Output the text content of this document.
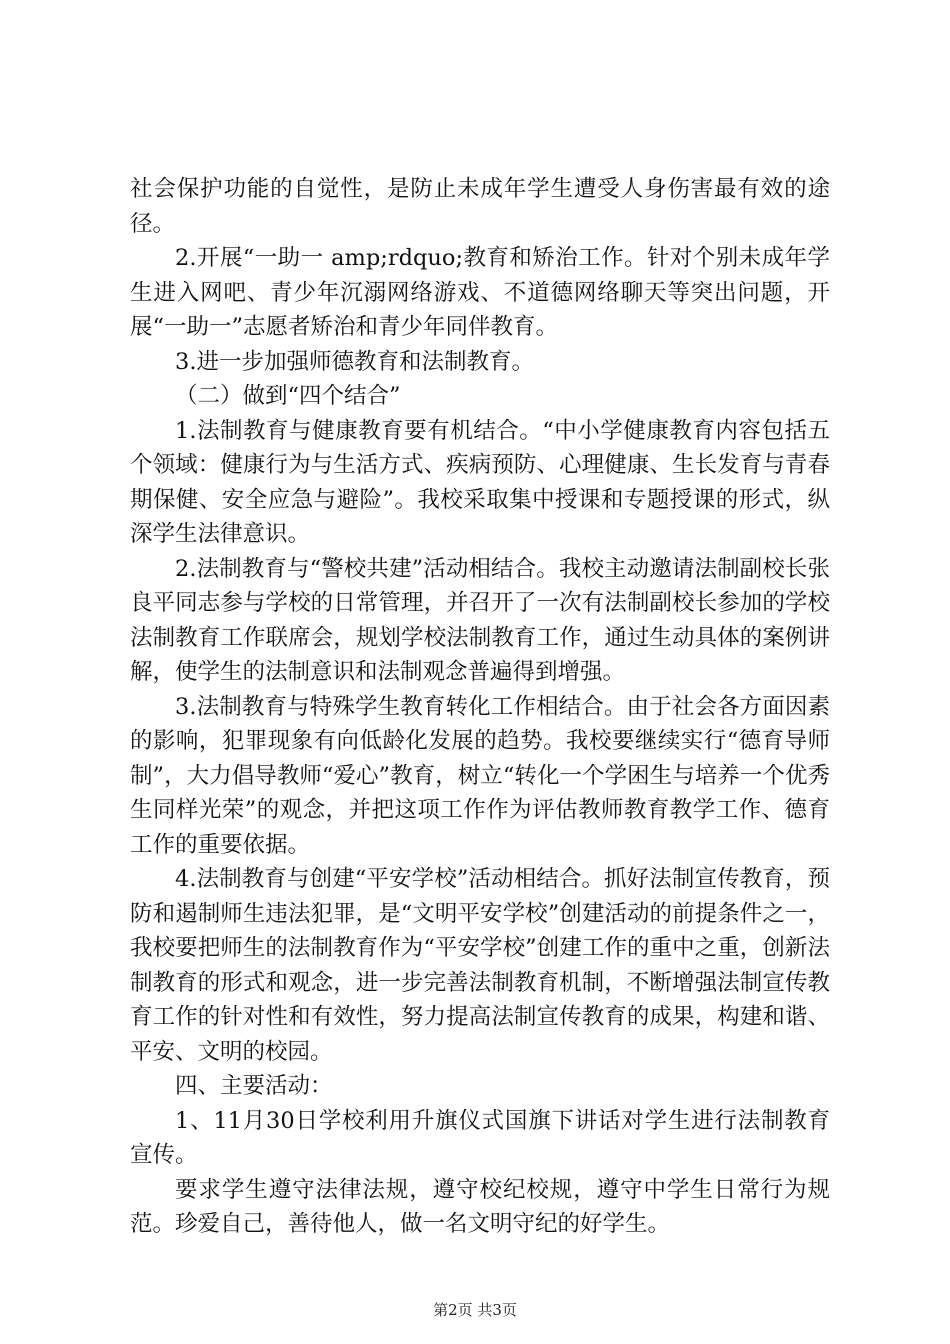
社会保护功能的自觉性，是防止未成年学生遭受人身伤害最有效的途径。

2.开展“一助一 amp;rdquo;教育和矫治工作。针对个别未成年学生进入网吧、青少年沉溺网络游戏、不道德网络聊天等突出问题，开展“一助一”志愿者矫治和青少年同伴教育。

3.进一步加强师德教育和法制教育。

（二）做到“四个结合”

1.法制教育与健康教育要有机结合。“中小学健康教育内容包括五个领域：健康行为与生活方式、疾病预防、心理健康、生长发育与青春期保健、安全应急与避险”。我校采取集中授课和专题授课的形式，纵深学生法律意识。

2.法制教育与“警校共建”活动相结合。我校主动邀请法制副校长张良平同志参与学校的日常管理，并召开了一次有法制副校长参加的学校法制教育工作联席会，规划学校法制教育工作，通过生动具体的案例讲解，使学生的法制意识和法制观念普遍得到增强。

3.法制教育与特殊学生教育转化工作相结合。由于社会各方面因素的影响，犯罪现象有向低龄化发展的趋势。我校要继续实行“德育导师制”，大力倡导教师“爱心”教育，树立“转化一个学困生与培养一个优秀生同样光荣”的观念，并把这项工作作为评估教师教育教学工作、德育工作的重要依据。

4.法制教育与创建“平安学校”活动相结合。抓好法制宣传教育，预防和遏制师生违法犯罪，是“文明平安学校”创建活动的前提条件之一，我校要把师生的法制教育作为“平安学校”创建工作的重中之重，创新法制教育的形式和观念，进一步完善法制教育机制，不断增强法制宣传教育工作的针对性和有效性，努力提高法制宣传教育的成果，构建和谐、平安、文明的校园。

四、主要活动：

1、11月30日学校利用升旗仪式国旗下讲话对学生进行法制教育宣传。

要求学生遵守法律法规，遵守校纪校规，遵守中学生日常行为规范。珍爱自己，善待他人，做一名文明守纪的好学生。

第2页 共3页
